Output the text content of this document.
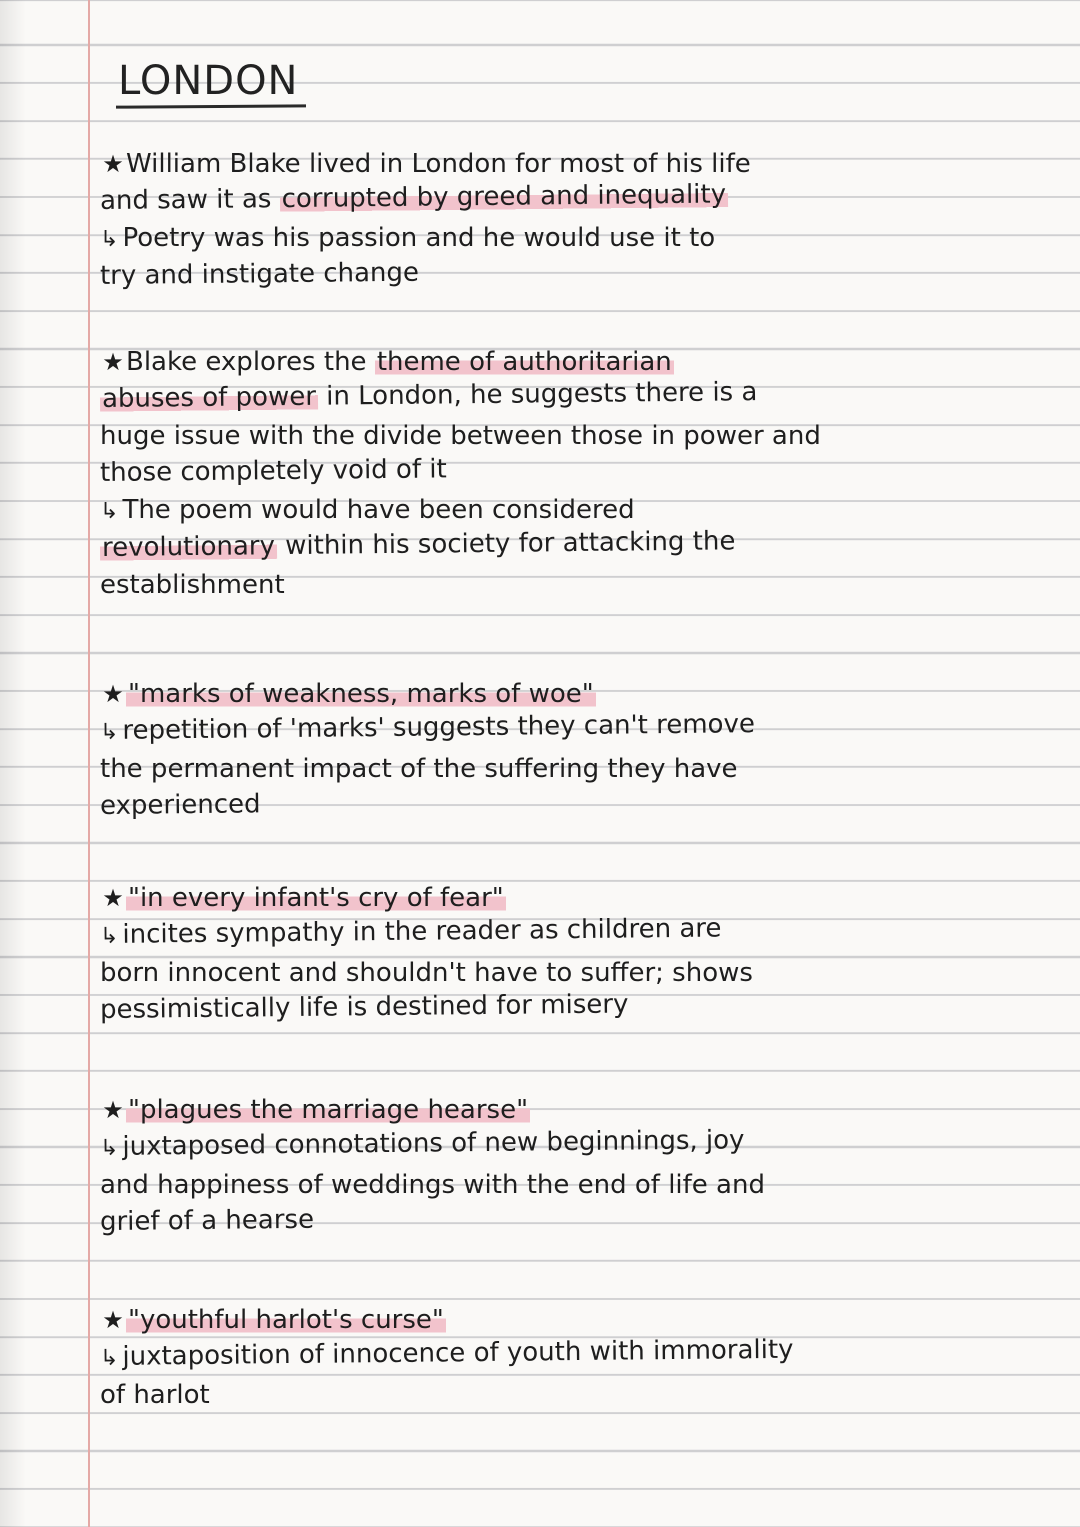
LONDON
★William Blake lived in London for most of his life
and saw it as corrupted by greed and inequality
↳ Poetry was his passion and he would use it to
try and instigate change
★Blake explores the theme of authoritarian
abuses of power in London, he suggests there is a
huge issue with the divide between those in power and
those completely void of it
↳ The poem would have been considered
revolutionary within his society for attacking the
establishment
★ "marks of weakness, marks of woe"
↳ repetition of 'marks' suggests they can't remove
the permanent impact of the suffering they have
experienced
★ "in every infant's cry of fear"
↳ incites sympathy in the reader as children are
born innocent and shouldn't have to suffer; shows
pessimistically life is destined for misery
★ "plagues the marriage hearse"
↳ juxtaposed connotations of new beginnings, joy
and happiness of weddings with the end of life and
grief of a hearse
★ "youthful harlot's curse"
↳ juxtaposition of innocence of youth with immorality
of harlot
